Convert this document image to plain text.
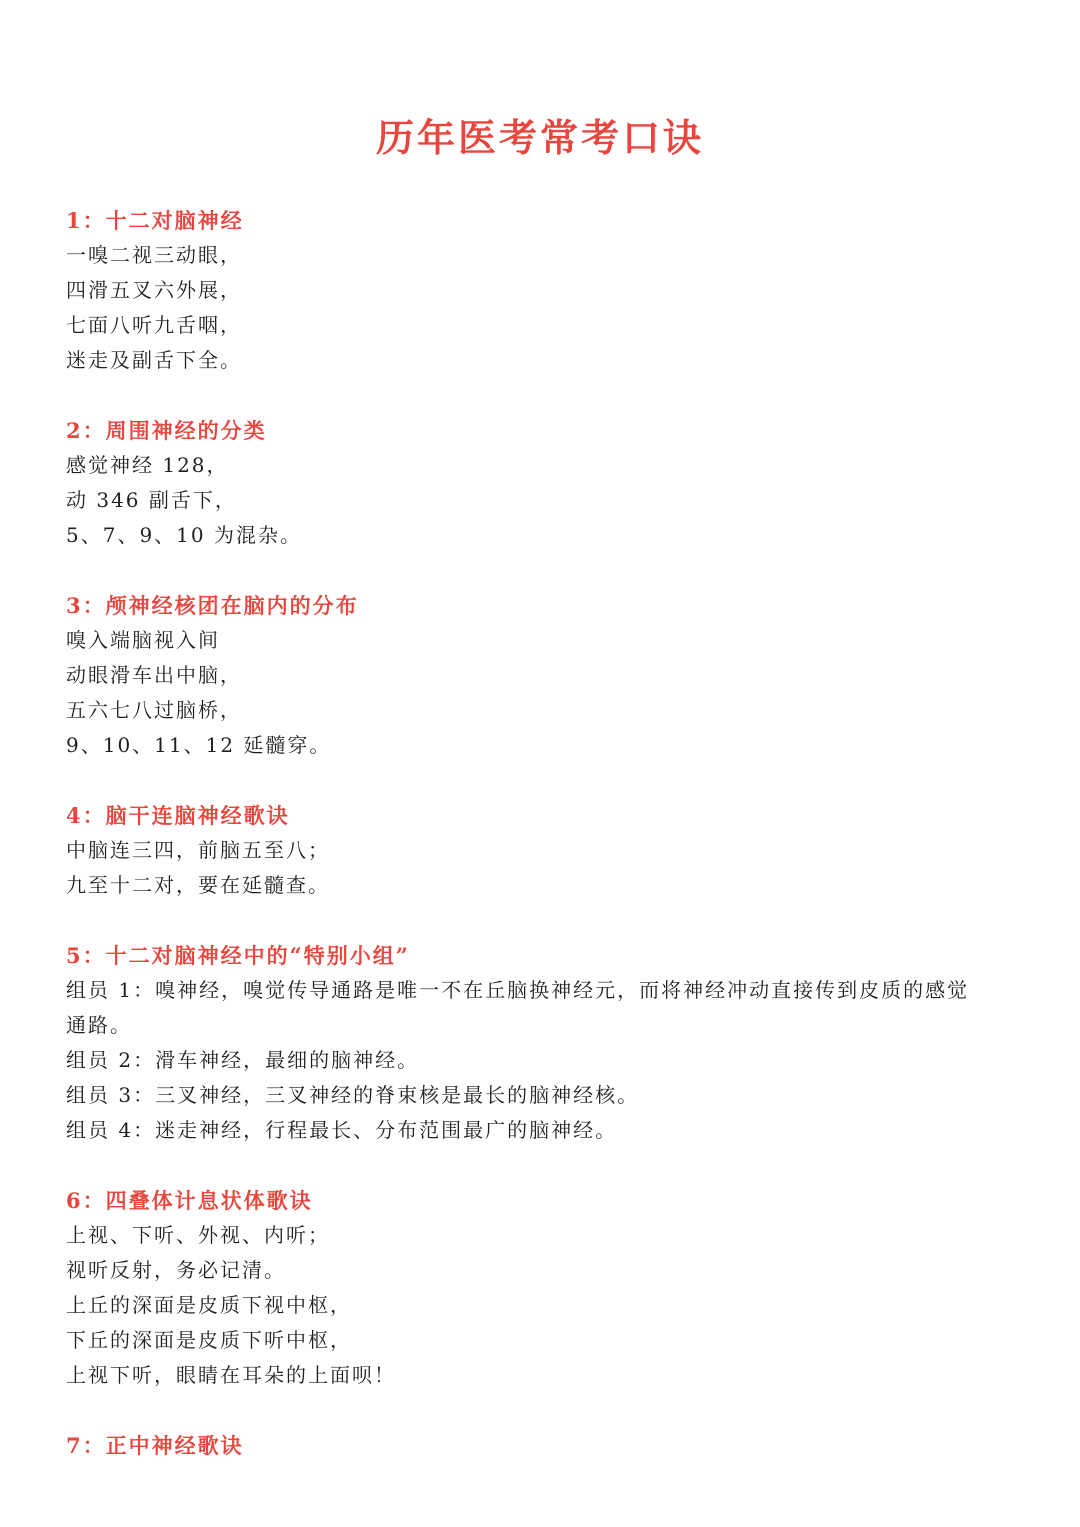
历年医考常考口诀
1：十二对脑神经
一嗅二视三动眼，
四滑五叉六外展，
七面八听九舌咽，
迷走及副舌下全。
2：周围神经的分类
感觉神经 128，
动 346 副舌下，
5、7、9、10 为混杂。
3：颅神经核团在脑内的分布
嗅入端脑视入间
动眼滑车出中脑，
五六七八过脑桥，
9、10、11、12 延髓穿。
4：脑干连脑神经歌诀
中脑连三四，前脑五至八；
九至十二对，要在延髓查。
5：十二对脑神经中的“特别小组”
组员 1：嗅神经，嗅觉传导通路是唯一不在丘脑换神经元，而将神经冲动直接传到皮质的感觉
通路。
组员 2：滑车神经，最细的脑神经。
组员 3：三叉神经，三叉神经的脊束核是最长的脑神经核。
组员 4：迷走神经，行程最长、分布范围最广的脑神经。
6：四叠体计息状体歌诀
上视、下听、外视、内听；
视听反射，务必记清。
上丘的深面是皮质下视中枢，
下丘的深面是皮质下听中枢，
上视下听，眼睛在耳朵的上面呗！
7：正中神经歌诀
